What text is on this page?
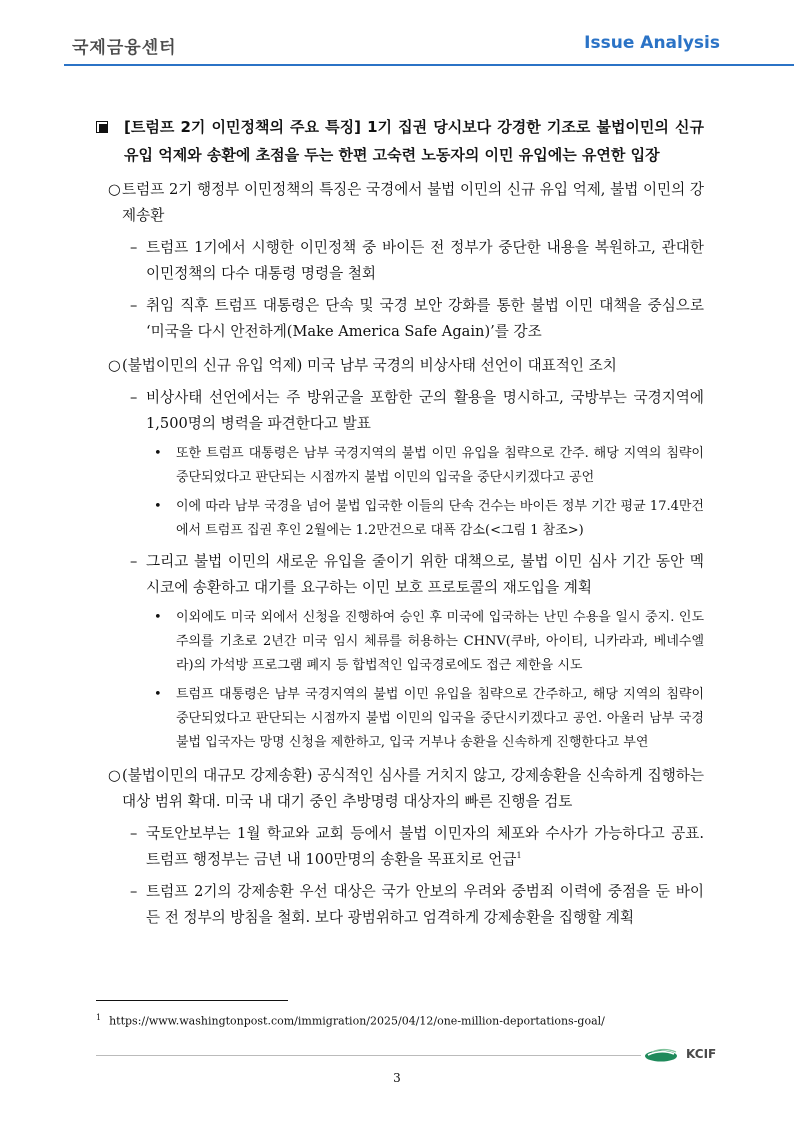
국제금융센터	Issue Analysis
[트럼프 2기 이민정책의 주요 특징] 1기 집권 당시보다 강경한 기조로 불법이민의 신규 유입 억제와 송환에 초점을 두는 한편 고숙련 노동자의 이민 유입에는 유연한 입장
○ 트럼프 2기 행정부 이민정책의 특징은 국경에서 불법 이민의 신규 유입 억제, 불법 이민의 강제송환
– 트럼프 1기에서 시행한 이민정책 중 바이든 전 정부가 중단한 내용을 복원하고, 관대한 이민정책의 다수 대통령 명령을 철회
– 취임 직후 트럼프 대통령은 단속 및 국경 보안 강화를 통한 불법 이민 대책을 중심으로 ‘미국을 다시 안전하게(Make America Safe Again)’를 강조
○ (불법이민의 신규 유입 억제) 미국 남부 국경의 비상사태 선언이 대표적인 조치
– 비상사태 선언에서는 주 방위군을 포함한 군의 활용을 명시하고, 국방부는 국경지역에 1,500명의 병력을 파견한다고 발표
• 또한 트럼프 대통령은 남부 국경지역의 불법 이민 유입을 침략으로 간주. 해당 지역의 침략이 중단되었다고 판단되는 시점까지 불법 이민의 입국을 중단시키겠다고 공언
• 이에 따라 남부 국경을 넘어 불법 입국한 이들의 단속 건수는 바이든 정부 기간 평균 17.4만건에서 트럼프 집권 후인 2월에는 1.2만건으로 대폭 감소(<그림 1 참조>)
– 그리고 불법 이민의 새로운 유입을 줄이기 위한 대책으로, 불법 이민 심사 기간 동안 멕시코에 송환하고 대기를 요구하는 이민 보호 프로토콜의 재도입을 계획
• 이외에도 미국 외에서 신청을 진행하여 승인 후 미국에 입국하는 난민 수용을 일시 중지. 인도주의를 기초로 2년간 미국 임시 체류를 허용하는 CHNV(쿠바, 아이티, 니카라과, 베네수엘라)의 가석방 프로그램 폐지 등 합법적인 입국경로에도 접근 제한을 시도
• 트럼프 대통령은 남부 국경지역의 불법 이민 유입을 침략으로 간주하고, 해당 지역의 침략이 중단되었다고 판단되는 시점까지 불법 이민의 입국을 중단시키겠다고 공언. 아울러 남부 국경 불법 입국자는 망명 신청을 제한하고, 입국 거부나 송환을 신속하게 진행한다고 부연
○ (불법이민의 대규모 강제송환) 공식적인 심사를 거치지 않고, 강제송환을 신속하게 집행하는 대상 범위 확대. 미국 내 대기 중인 추방명령 대상자의 빠른 진행을 검토
– 국토안보부는 1월 학교와 교회 등에서 불법 이민자의 체포와 수사가 가능하다고 공표. 트럼프 행정부는 금년 내 100만명의 송환을 목표치로 언급$^1$
– 트럼프 2기의 강제송환 우선 대상은 국가 안보의 우려와 중범죄 이력에 중점을 둔 바이든 전 정부의 방침을 철회. 보다 광범위하고 엄격하게 강제송환을 집행할 계획
$^1$ https://www.washingtonpost.com/immigration/2025/04/12/one-million-deportations-goal/
KCIF
3
